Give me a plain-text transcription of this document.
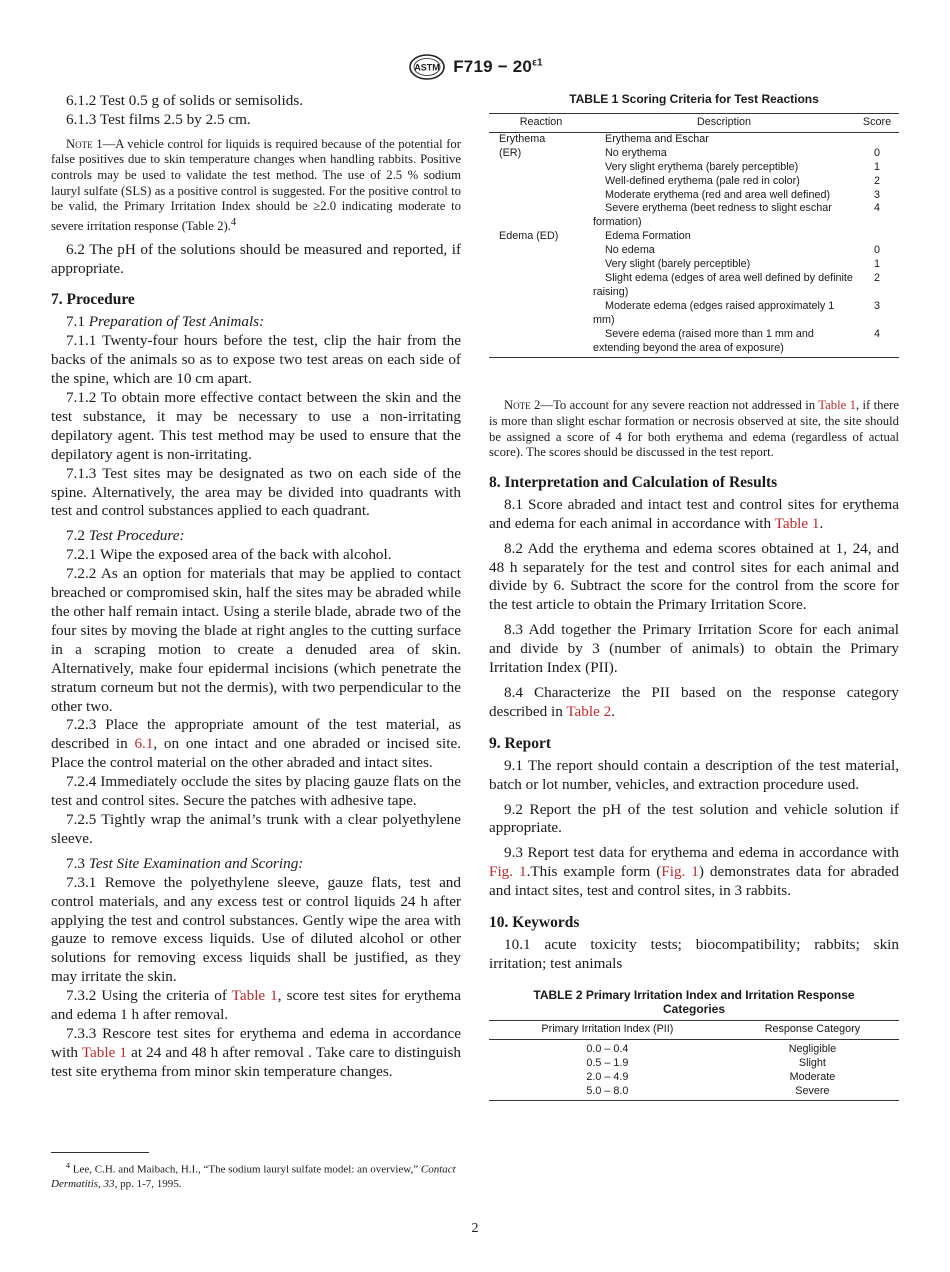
ASTM $F719 - 20^{\varepsilon 1}$

6.1.2 Test 0.5 g of solids or semisolids.

6.1.3 Test films 2.5 by 2.5 cm.

Note 1—A vehicle control for liquids is required because of the potential for false positives due to skin temperature changes when handling rabbits. Positive controls may be used to validate the test method. The use of 2.5 % sodium lauryl sulfate (SLS) as a positive control is suggested. For the positive control to be valid, the Primary Irritation Index should be ≥2.0 indicating moderate to severe irritation response (Table 2).$^4$

6.2 The pH of the solutions should be measured and reported, if appropriate.

7. Procedure

7.1 Preparation of Test Animals:

7.1.1 Twenty-four hours before the test, clip the hair from the backs of the animals so as to expose two test areas on each side of the spine, which are 10 cm apart.

7.1.2 To obtain more effective contact between the skin and the test substance, it may be necessary to use a non-irritating depilatory agent. This test method may be used to ensure that the depilatory agent is non-irritating.

7.1.3 Test sites may be designated as two on each side of the spine. Alternatively, the area may be divided into quadrants with test and control substances applied to each quadrant.

7.2 Test Procedure:

7.2.1 Wipe the exposed area of the back with alcohol.

7.2.2 As an option for materials that may be applied to contact breached or compromised skin, half the sites may be abraded while the other half remain intact. Using a sterile blade, abrade two of the four sites by moving the blade at right angles to the cutting surface in a scraping motion to create a denuded area of skin. Alternatively, make four epidermal incisions (which penetrate the stratum corneum but not the dermis), with two perpendicular to the other two.

7.2.3 Place the appropriate amount of the test material, as described in 6.1, on one intact and one abraded or incised site. Place the control material on the other abraded and intact sites.

7.2.4 Immediately occlude the sites by placing gauze flats on the test and control sites. Secure the patches with adhesive tape.

7.2.5 Tightly wrap the animal’s trunk with a clear polyethylene sleeve.

7.3 Test Site Examination and Scoring:

7.3.1 Remove the polyethylene sleeve, gauze flats, test and control materials, and any excess test or control liquids 24 h after applying the test and control substances. Gently wipe the area with gauze to remove excess liquids. Use of diluted alcohol or other solutions for removing excess liquids shall be justified, as they may irritate the skin.

7.3.2 Using the criteria of Table 1, score test sites for erythema and edema 1 h after removal.

7.3.3 Rescore test sites for erythema and edema in accordance with Table 1 at 24 and 48 h after removal . Take care to distinguish test site erythema from minor skin temperature changes.

$^4$ Lee, C.H. and Maibach, H.I., “The sodium lauryl sulfate model: an overview,” Contact Dermatitis, 33, pp. 1-7, 1995.
TABLE 1 Scoring Criteria for Test Reactions
Reaction	Description	Score
Erythema	Erythema and Eschar	

(ER)	No erythema	0

	Very slight erythema (barely perceptible)	1

	Well-defined erythema (pale red in color)	2

	Moderate erythema (red and area well defined)	3

	Severe erythema (beet redness to slight eschar formation)	4
Edema (ED)	Edema Formation	

	No edema	0

	Very slight (barely perceptible)	1

	Slight edema (edges of area well defined by definite raising)	2

	Moderate edema (edges raised approximately 1 mm)	3

	Severe edema (raised more than 1 mm and extending beyond the area of exposure)	4

Note 2—To account for any severe reaction not addressed in Table 1, if there is more than slight eschar formation or necrosis observed at site, the site should be assigned a score of 4 for both erythema and edema (regardless of actual score). The scores should be discussed in the test report.

8. Interpretation and Calculation of Results

8.1 Score abraded and intact test and control sites for erythema and edema for each animal in accordance with Table 1.

8.2 Add the erythema and edema scores obtained at 1, 24, and 48 h separately for the test and control sites for each animal and divide by 6. Subtract the score for the control from the score for the test article to obtain the Primary Irritation Score.

8.3 Add together the Primary Irritation Score for each animal and divide by 3 (number of animals) to obtain the Primary Irritation Index (PII).

8.4 Characterize the PII based on the response category described in Table 2.

9. Report

9.1 The report should contain a description of the test material, batch or lot number, vehicles, and extraction procedure used.

9.2 Report the pH of the test solution and vehicle solution if appropriate.

9.3 Report test data for erythema and edema in accordance with Fig. 1.This example form (Fig. 1) demonstrates data for abraded and intact sites, test and control sites, in 3 rabbits.

10. Keywords

10.1 acute toxicity tests; biocompatibility; rabbits; skin irritation; test animals

TABLE 2 Primary Irritation Index and Irritation Response
Categories
Primary Irritation Index (PII)	Response Category
0.0 – 0.4	Negligible
0.5 – 1.9	Slight
2.0 – 4.9	Moderate
5.0 – 8.0	Severe
2
